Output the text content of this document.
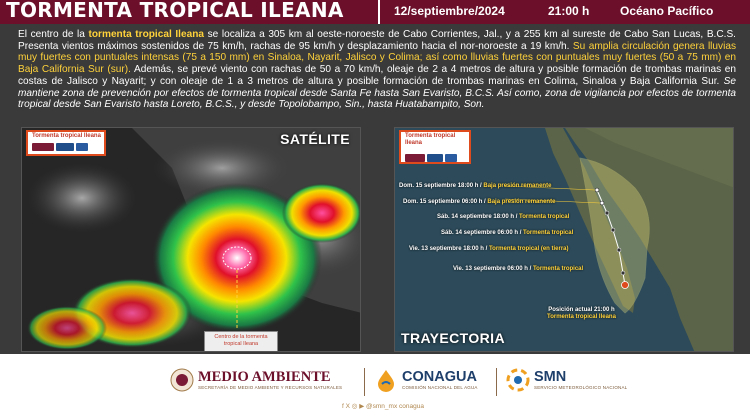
TORMENTA TROPICAL ILEANA	12/septiembre/2024	21:00 h	Océano Pacífico

El centro de la tormenta tropical Ileana se localiza a 305 km al oeste-noroeste de Cabo Corrientes, Jal., y a 255 km al sureste de Cabo San Lucas, B.C.S. Presenta vientos máximos sostenidos de 75 km/h, rachas de 95 km/h y desplazamiento hacia el nor-noroeste a 19 km/h. Su amplia circulación genera lluvias muy fuertes con puntuales intensas (75 a 150 mm) en Sinaloa, Nayarit, Jalisco y Colima; así como lluvias fuertes con puntuales muy fuertes (50 a 75 mm) en Baja California Sur (sur). Además, se prevé viento con rachas de 50 a 70 km/h, oleaje de 2 a 4 metros de altura y posible formación de trombas marinas en costas de Jalisco y Nayarit; y con oleaje de 1 a 3 metros de altura y posible formación de trombas marinas en Colima, Sinaloa y Baja California Sur. Se mantiene zona de prevención por efectos de tormenta tropical desde Santa Fe hasta San Evaristo, B.C.S. Así como, zona de vigilancia por efectos de tormenta tropical desde San Evaristo hasta Loreto, B.C.S., y desde Topolobampo, Sin., hasta Huatabampito, Son.

Tormenta tropical Ileana	SATÉLITE
Centro de la tormenta tropical Ileana
Tormenta tropical Ileana
Dom. 15 septiembre 18:00 h / Baja presión remanente
Dom. 15 septiembre 06:00 h / Baja presión remanente
Sáb. 14 septiembre 18:00 h / Tormenta tropical
Sáb. 14 septiembre 06:00 h / Tormenta tropical
Vie. 13 septiembre 18:00 h / Tormenta tropical (en tierra)
Vie. 13 septiembre 06:00 h / Tormenta tropical
Posición actual 21:00 h
Tormenta tropical Ileana
TRAYECTORIA
MEDIO AMBIENTE
SECRETARÍA DE MEDIO AMBIENTE Y RECURSOS NATURALES
CONAGUA
COMISIÓN NACIONAL DEL AGUA
SMN
SERVICIO METEOROLÓGICO NACIONAL
f X ◎ ▶ @smn_mx conagua
